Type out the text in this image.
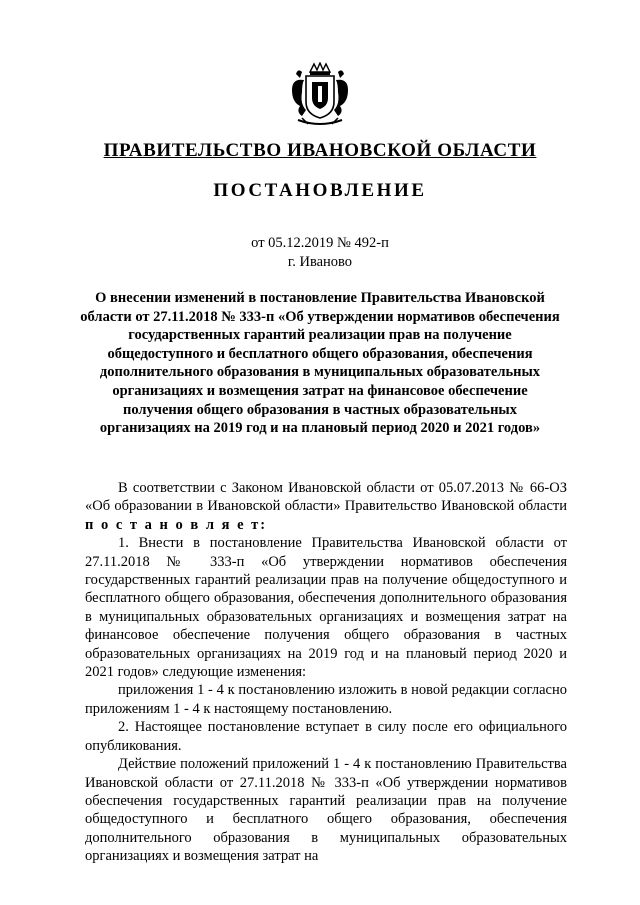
ПРАВИТЕЛЬСТВО ИВАНОВСКОЙ ОБЛАСТИ
ПОСТАНОВЛЕНИЕ
от 05.12.2019 № 492-п
г. Иваново
О внесении изменений в постановление Правительства Ивановской области от 27.11.2018 № 333-п «Об утверждении нормативов обеспечения государственных гарантий реализации прав на получение общедоступного и бесплатного общего образования, обеспечения дополнительного образования в муниципальных образовательных организациях и возмещения затрат на финансовое обеспечение получения общего образования в частных образовательных организациях на 2019 год и на плановый период 2020 и 2021 годов»

В соответствии с Законом Ивановской области от 05.07.2013 № 66-ОЗ «Об образовании в Ивановской области» Правительство Ивановской области п о с т а н о в л я е т:

1. Внести в постановление Правительства Ивановской области от 27.11.2018 № 333-п «Об утверждении нормативов обеспечения государственных гарантий реализации прав на получение общедоступного и бесплатного общего образования, обеспечения дополнительного образования в муниципальных образовательных организациях и возмещения затрат на финансовое обеспечение получения общего образования в частных образовательных организациях на 2019 год и на плановый период 2020 и 2021 годов» следующие изменения:

приложения 1 - 4 к постановлению изложить в новой редакции согласно приложениям 1 - 4 к настоящему постановлению.

2. Настоящее постановление вступает в силу после его официального опубликования.

Действие положений приложений 1 - 4 к постановлению Правительства Ивановской области от 27.11.2018 № 333-п «Об утверждении нормативов обеспечения государственных гарантий реализации прав на получение общедоступного и бесплатного общего образования, обеспечения дополнительного образования в муниципальных образовательных организациях и возмещения затрат на
